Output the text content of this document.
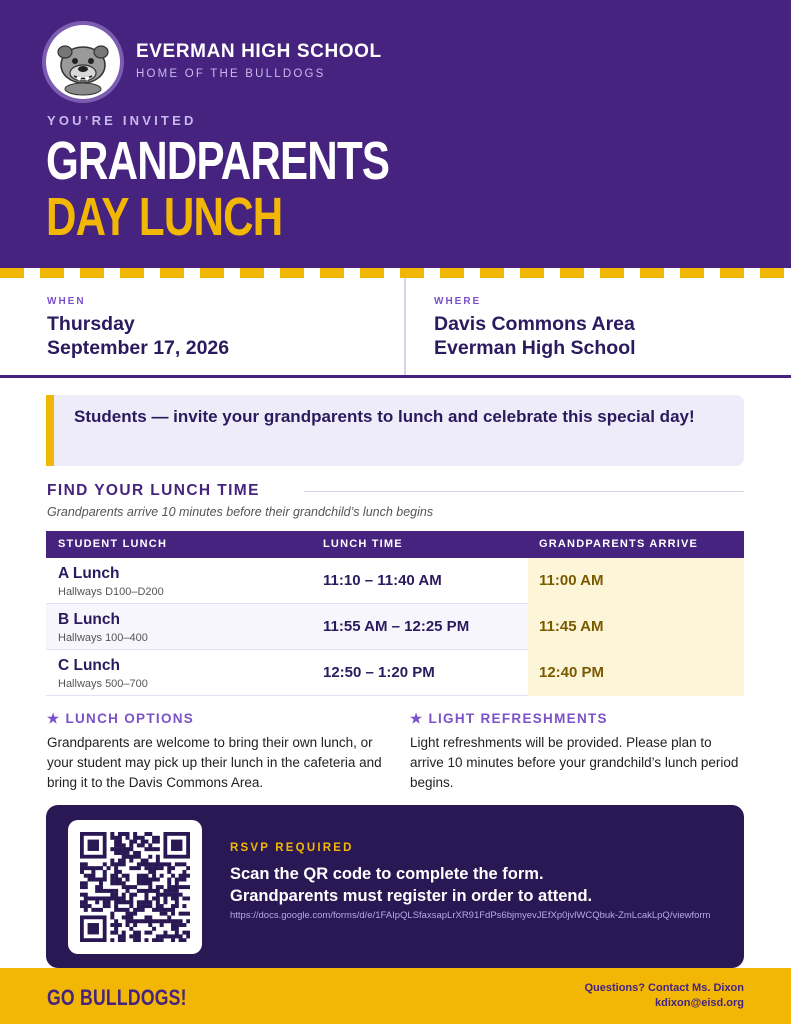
EVERMAN HIGH SCHOOL
HOME OF THE BULLDOGS
YOU’RE INVITED
GRANDPARENTS
DAY LUNCH
WHEN
Thursday
September 17, 2026
WHERE
Davis Commons Area
Everman High School
Students — invite your grandparents to lunch and celebrate this special day!
FIND YOUR LUNCH TIME
Grandparents arrive 10 minutes before their grandchild’s lunch begins
STUDENT LUNCH	LUNCH TIME	GRANDPARENTS ARRIVE
A Lunch
Hallways D100–D200
11:10 – 11:40 AM	11:00 AM
B Lunch
Hallways 100–400
11:55 AM – 12:25 PM	11:45 AM
C Lunch
Hallways 500–700
12:50 – 1:20 PM	12:40 PM
★ LUNCH OPTIONS
Grandparents are welcome to bring their own lunch, or your student may pick up their lunch in the cafeteria and bring it to the Davis Commons Area.
★ LIGHT REFRESHMENTS
Light refreshments will be provided. Please plan to arrive 10 minutes before your grandchild’s lunch period begins.
RSVP REQUIRED
Scan the QR code to complete the form.
Grandparents must register in order to attend.
https://docs.google.com/forms/d/e/1FAIpQLSfaxsapLrXR91FdPs6bjmyevJEfXp0jvlWCQbuk-ZmLcakLpQ/viewform
GO BULLDOGS!	Questions? Contact Ms. Dixon
kdixon@eisd.org
